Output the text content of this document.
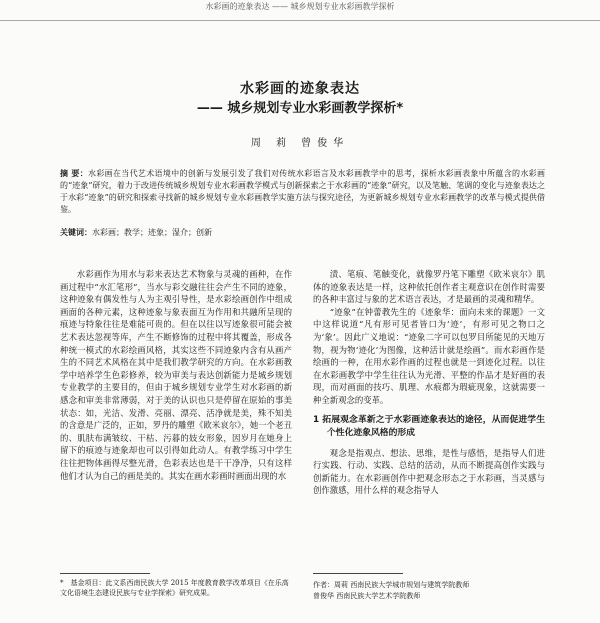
水彩画的迹象表达 —— 城乡规划专业水彩画教学探析
水彩画的迹象表达
—— 城乡规划专业水彩画教学探析*
周 莉 曾俊华
摘 要：水彩画在当代艺术语境中的创新与发展引发了我们对传统水彩语言及水彩画教学中的思考，探析水彩画表象中所蕴含的水彩画的“迹象”研究，着力于改进传统城乡规划专业水彩画教学模式与创新探索之于水彩画的“迹象”研究，以及笔触、笔调的变化与迹象表达之于水彩“迹象”的研究和探索寻找新的城乡规划专业水彩画教学实施方法与探究途径，为更新城乡规划专业水彩画教学的改革与模式提供借鉴。
关键词：水彩画；教学；迹象；湿介；创新

水彩画作为用水与彩来表达艺术物象与灵魂的画种，在作画过程中“水汇笔形”，当水与彩交融往往会产生不同的迹象，这种迹象有偶发性与人为主观引导性，是水彩绘画创作中组成画面的各种元素，这种迹象与象表面互为作用和共融所呈现的痕迹与特象往往是难能可贵的。但在以往以写迹象很可能会被艺术表达忽视等库，产生不断修饰的过程中将其覆盖，形成各种统一模式的水彩绘画风格，其实这些不同迹象内含有从画产生的不同艺术风格在其中是我们教学研究的方向。在水彩画教学中培养学生色彩修养，较为审美与表达创新能力是城乡规划专业教学的主要目的，但由于城乡规划专业学生对水彩画的新感念和审美非常薄弱，对于美的认识也只是停留在原始的事美状态：如，光洁、发滑、亮丽、漂亮、活净就是美，殊不知美的含意是广泛的，正如，罗丹的雕塑《欧米哀尔》，她一个老丑的、肌肤布满皱纹、干枯、污暮的妓女形象，因岁月在她身上留下的痕迹与迹象却也可以引得如此动人。有教学练习中学生往往把物体画得尽整光滑，色彩表达也是干干净净，只有这样他们才认为自己的画是美的。其实在画水彩画时画面出现的水

渍、笔痕、笔触变化，就像罗丹笔下雕塑《欧米哀尔》肌体的迹象表达是一样，这种依托创作者主观意识在创作时需要的各种丰富过与象的艺术语言表达，才是最画的灵魂和精华。

“迹象”在钟蕾教先生的《迹象华：面向未来的课题》一文中这样说道“凡有形可见者皆口为‘迹’，有形可见之物口之为‘象’。因此广义地说：“迹象二字可以包罗目所能见的天地万物，视为物‘迹化’为图像，这种活计就是绘画”。而水彩画作是绘画的一种，在用水彩作画的过程也就是一到迹化过程。以往在水彩画教学中学生往往认为光滑、平整的作品才是好画的表现，而对画面的技巧、肌理、水痕都为瑕疵现象，这就需要一种全新观念的变革。

1 拓展观念革新之于水彩画迹象表达的途径，从而促进学生个性化迹象风格的形成

观念是指观点、想法、思维，是性与感悟，是指导人们进行实践、行动、实践、总结的活动，从而不断提高创作实践与创新能力。在水彩画创作中把观念形态之于水彩画，当灵感与创作激感，用什么样的观念指导人

*　基金项目：此文系西南民族大学 2015 年度教育教学改革项目《在乐高文化语境生态建设民族与专业学探索》研究成果。
作者：周莉 西南民族大学城市规划与建筑学院教师
曾俊华 西南民族大学艺术学院教师
